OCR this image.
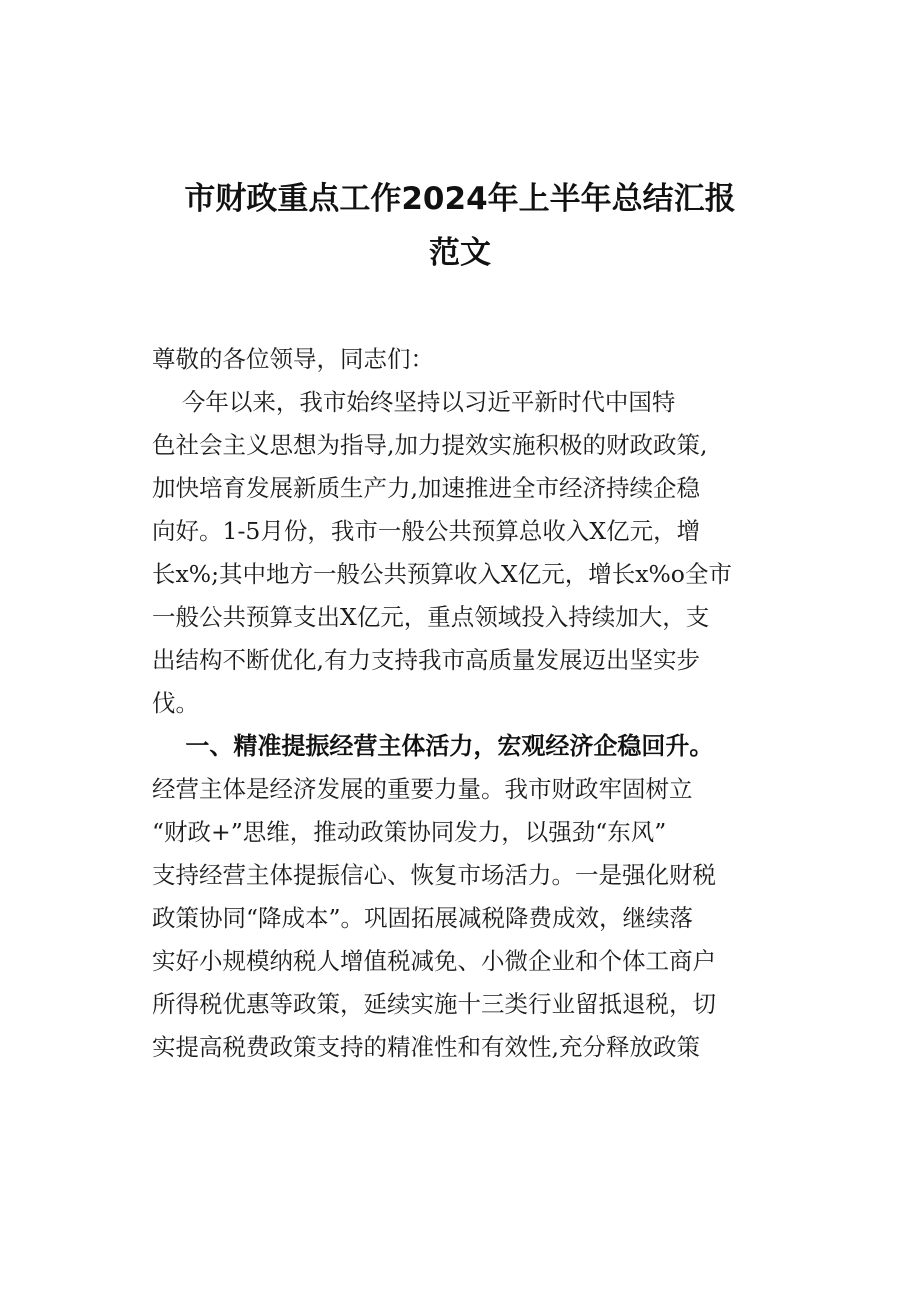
市财政重点工作2024年上半年总结汇报
范文

尊敬的各位领导，同志们：

今年以来，我市始终坚持以习近平新时代中国特

色社会主义思想为指导,加力提效实施积极的财政政策,

加快培育发展新质生产力,加速推进全市经济持续企稳

向好。1-5月份，我市一般公共预算总收入X亿元，增

长x%;其中地方一般公共预算收入X亿元，增长x%o全市

一般公共预算支出X亿元，重点领域投入持续加大，支

出结构不断优化,有力支持我市高质量发展迈出坚实步

伐。

一、精准提振经营主体活力，宏观经济企稳回升。

经营主体是经济发展的重要力量。我市财政牢固树立

“财政+”思维，推动政策协同发力，以强劲“东风”

支持经营主体提振信心、恢复市场活力。一是强化财税

政策协同“降成本”。巩固拓展减税降费成效，继续落

实好小规模纳税人增值税减免、小微企业和个体工商户

所得税优惠等政策，延续实施十三类行业留抵退税，切

实提高税费政策支持的精准性和有效性,充分释放政策
